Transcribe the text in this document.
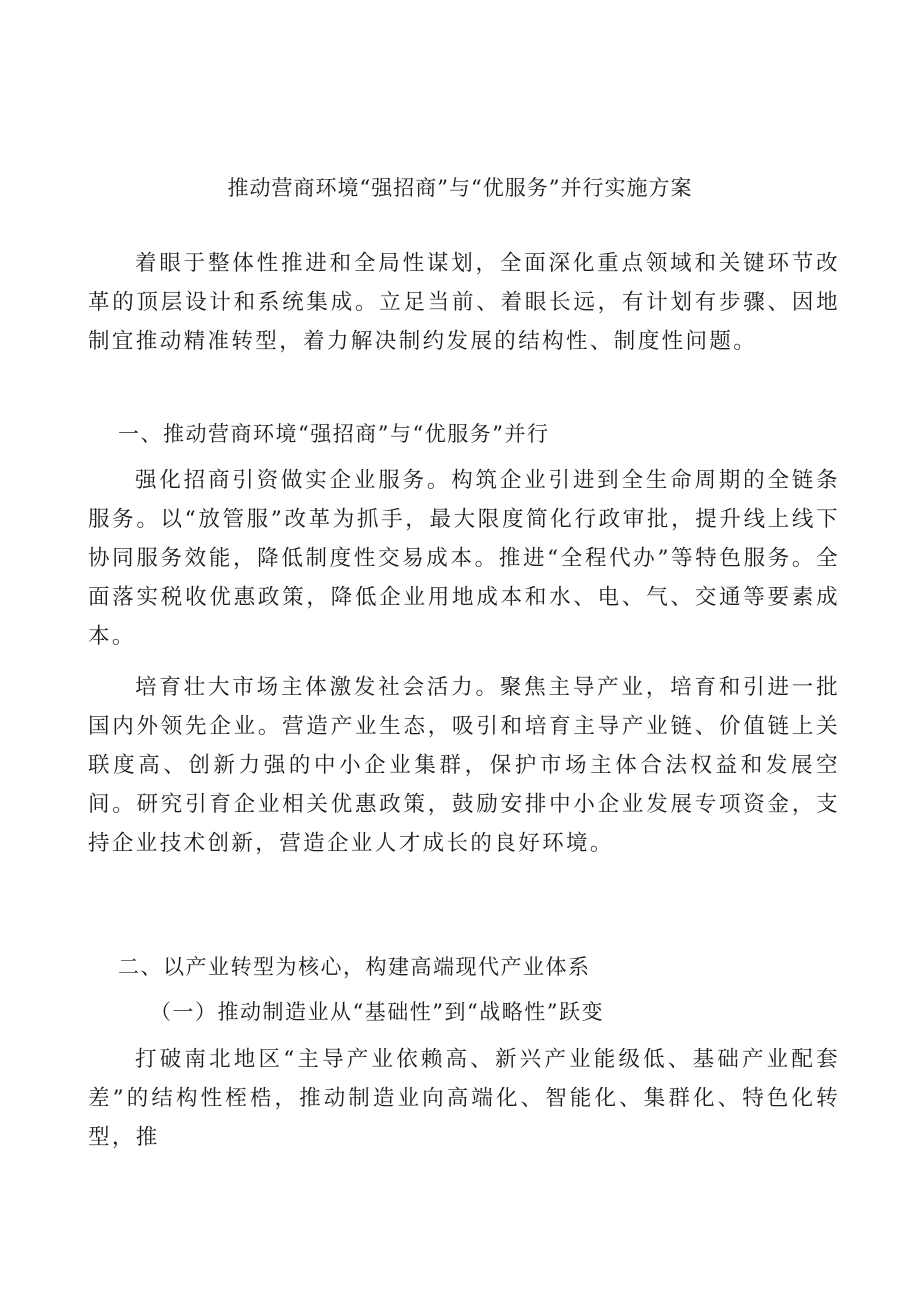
推动营商环境“强招商”与“优服务”并行实施方案

着眼于整体性推进和全局性谋划，全面深化重点领域和关键环节改革的顶层设计和系统集成。立足当前、着眼长远，有计划有步骤、因地制宜推动精准转型，着力解决制约发展的结构性、制度性问题。

一、推动营商环境“强招商”与“优服务”并行

强化招商引资做实企业服务。构筑企业引进到全生命周期的全链条服务。以“放管服”改革为抓手，最大限度简化行政审批，提升线上线下协同服务效能，降低制度性交易成本。推进“全程代办”等特色服务。全面落实税收优惠政策，降低企业用地成本和水、电、气、交通等要素成本。

培育壮大市场主体激发社会活力。聚焦主导产业，培育和引进一批国内外领先企业。营造产业生态，吸引和培育主导产业链、价值链上关联度高、创新力强的中小企业集群，保护市场主体合法权益和发展空间。研究引育企业相关优惠政策，鼓励安排中小企业发展专项资金，支持企业技术创新，营造企业人才成长的良好环境。

二、以产业转型为核心，构建高端现代产业体系

（一）推动制造业从“基础性”到“战略性”跃变

打破南北地区“主导产业依赖高、新兴产业能级低、基础产业配套差”的结构性桎梏，推动制造业向高端化、智能化、集群化、特色化转型，推
